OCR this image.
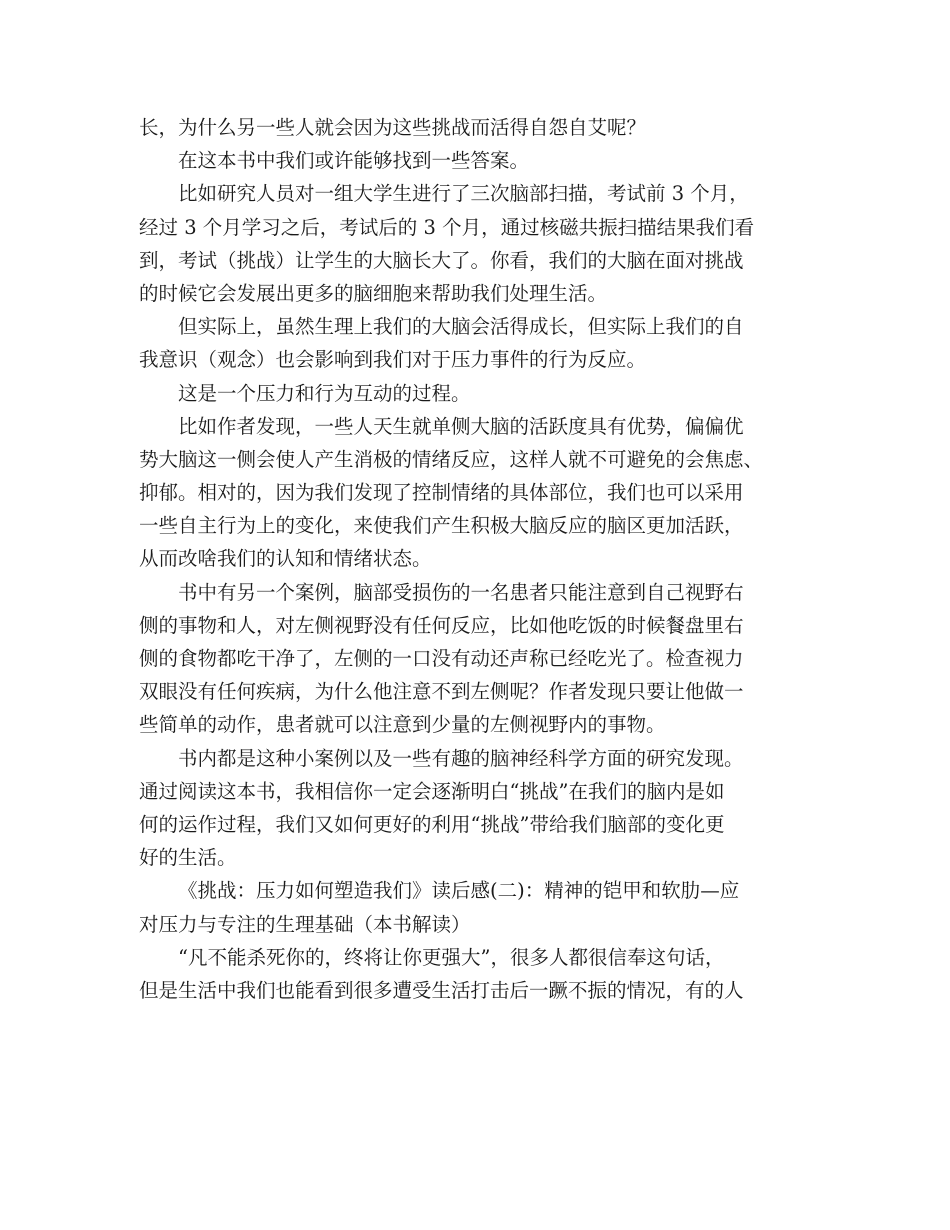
长，为什么另一些人就会因为这些挑战而活得自怨自艾呢？
在这本书中我们或许能够找到一些答案。
比如研究人员对一组大学生进行了三次脑部扫描，考试前 3 个月，
经过 3 个月学习之后，考试后的 3 个月，通过核磁共振扫描结果我们看
到，考试（挑战）让学生的大脑长大了。你看，我们的大脑在面对挑战
的时候它会发展出更多的脑细胞来帮助我们处理生活。
但实际上，虽然生理上我们的大脑会活得成长，但实际上我们的自
我意识（观念）也会影响到我们对于压力事件的行为反应。
这是一个压力和行为互动的过程。
比如作者发现，一些人天生就单侧大脑的活跃度具有优势，偏偏优
势大脑这一侧会使人产生消极的情绪反应，这样人就不可避免的会焦虑、
抑郁。相对的，因为我们发现了控制情绪的具体部位，我们也可以采用
一些自主行为上的变化，来使我们产生积极大脑反应的脑区更加活跃，
从而改啥我们的认知和情绪状态。
书中有另一个案例，脑部受损伤的一名患者只能注意到自己视野右
侧的事物和人，对左侧视野没有任何反应，比如他吃饭的时候餐盘里右
侧的食物都吃干净了，左侧的一口没有动还声称已经吃光了。检查视力
双眼没有任何疾病，为什么他注意不到左侧呢？作者发现只要让他做一
些简单的动作，患者就可以注意到少量的左侧视野内的事物。
书内都是这种小案例以及一些有趣的脑神经科学方面的研究发现。
通过阅读这本书，我相信你一定会逐渐明白“挑战”在我们的脑内是如
何的运作过程，我们又如何更好的利用“挑战”带给我们脑部的变化更
好的生活。
《挑战：压力如何塑造我们》读后感(二)：精神的铠甲和软肋—应
对压力与专注的生理基础（本书解读）
“凡不能杀死你的，终将让你更强大”，很多人都很信奉这句话，
但是生活中我们也能看到很多遭受生活打击后一蹶不振的情况，有的人
